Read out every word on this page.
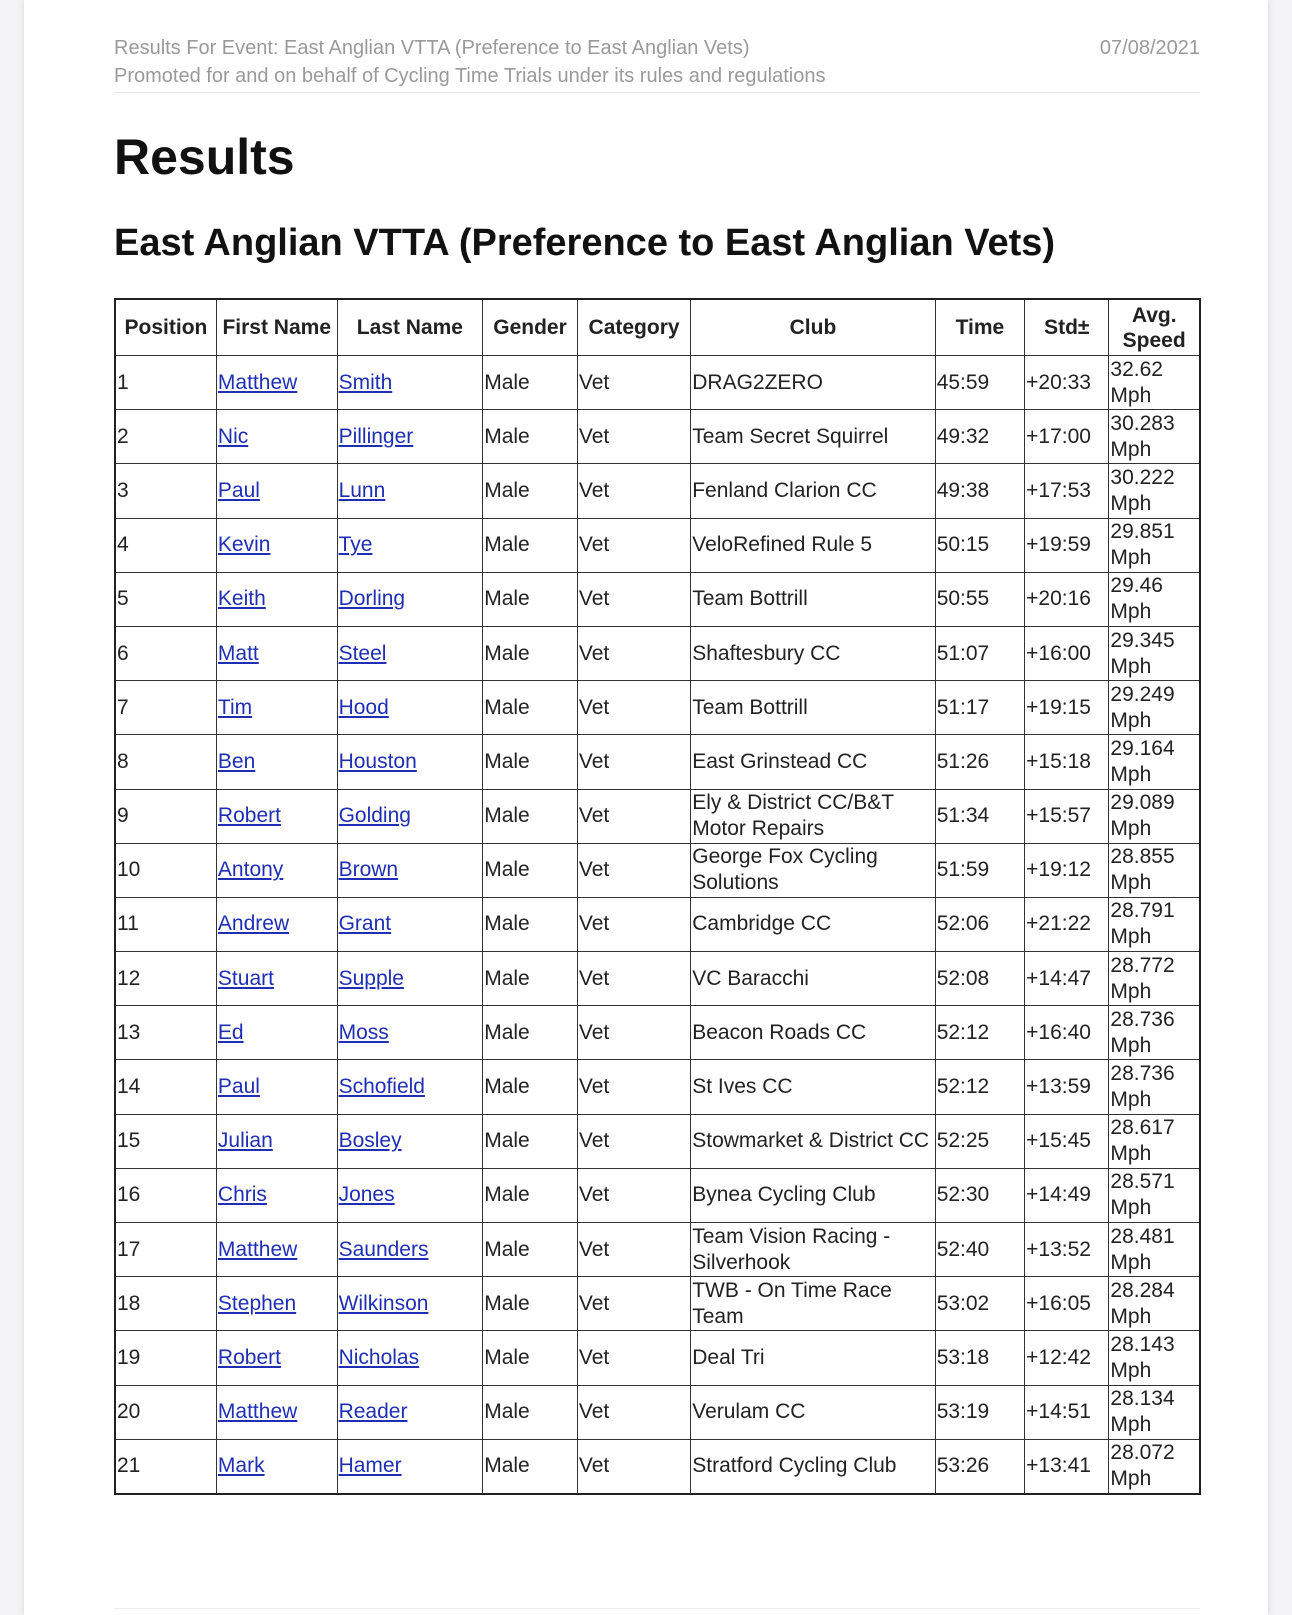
Results For Event: East Anglian VTTA (Preference to East Anglian Vets)
Promoted for and on behalf of Cycling Time Trials under its rules and regulations
07/08/2021
Results
East Anglian VTTA (Preference to East Anglian Vets)
Position	First Name	Last Name	Gender	Category	Club	Time	Std±	Avg. Speed
1	Matthew	Smith	Male	Vet	DRAG2ZERO	45:59	+20:33	32.62 Mph
2	Nic	Pillinger	Male	Vet	Team Secret Squirrel	49:32	+17:00	30.283 Mph
3	Paul	Lunn	Male	Vet	Fenland Clarion CC	49:38	+17:53	30.222 Mph
4	Kevin	Tye	Male	Vet	VeloRefined Rule 5	50:15	+19:59	29.851 Mph
5	Keith	Dorling	Male	Vet	Team Bottrill	50:55	+20:16	29.46 Mph
6	Matt	Steel	Male	Vet	Shaftesbury CC	51:07	+16:00	29.345 Mph
7	Tim	Hood	Male	Vet	Team Bottrill	51:17	+19:15	29.249 Mph
8	Ben	Houston	Male	Vet	East Grinstead CC	51:26	+15:18	29.164 Mph
9	Robert	Golding	Male	Vet	Ely & District CC/B&T Motor Repairs	51:34	+15:57	29.089 Mph
10	Antony	Brown	Male	Vet	George Fox Cycling Solutions	51:59	+19:12	28.855 Mph
11	Andrew	Grant	Male	Vet	Cambridge CC	52:06	+21:22	28.791 Mph
12	Stuart	Supple	Male	Vet	VC Baracchi	52:08	+14:47	28.772 Mph
13	Ed	Moss	Male	Vet	Beacon Roads CC	52:12	+16:40	28.736 Mph
14	Paul	Schofield	Male	Vet	St Ives CC	52:12	+13:59	28.736 Mph
15	Julian	Bosley	Male	Vet	Stowmarket & District CC	52:25	+15:45	28.617 Mph
16	Chris	Jones	Male	Vet	Bynea Cycling Club	52:30	+14:49	28.571 Mph
17	Matthew	Saunders	Male	Vet	Team Vision Racing - Silverhook	52:40	+13:52	28.481 Mph
18	Stephen	Wilkinson	Male	Vet	TWB - On Time Race Team	53:02	+16:05	28.284 Mph
19	Robert	Nicholas	Male	Vet	Deal Tri	53:18	+12:42	28.143 Mph
20	Matthew	Reader	Male	Vet	Verulam CC	53:19	+14:51	28.134 Mph
21	Mark	Hamer	Male	Vet	Stratford Cycling Club	53:26	+13:41	28.072 Mph
